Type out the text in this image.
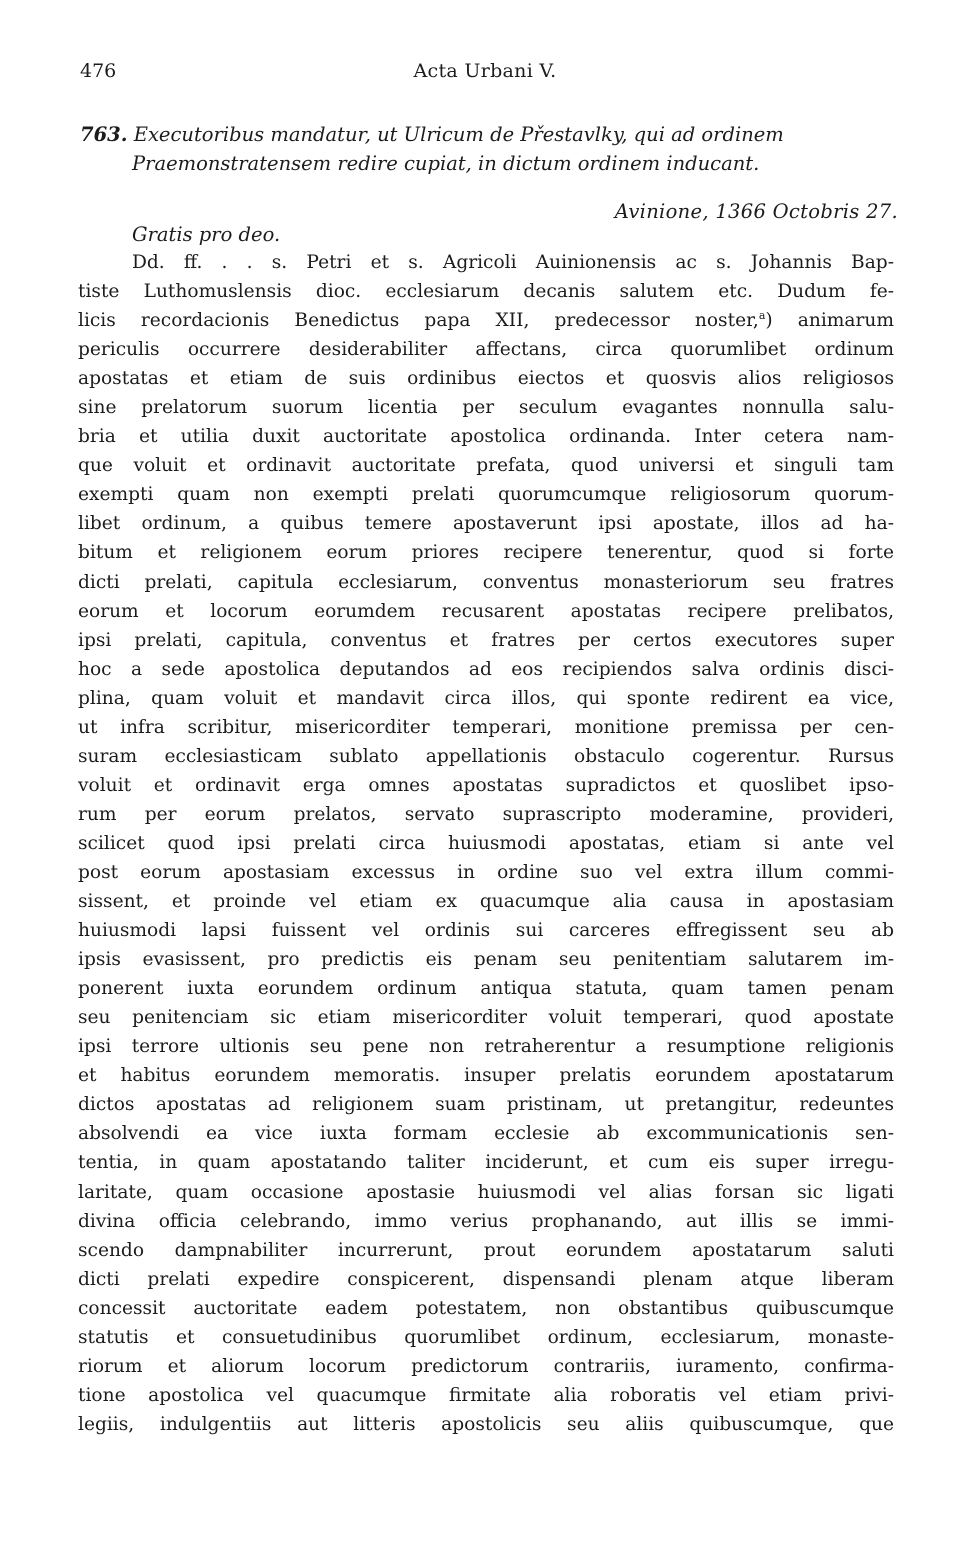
476	Acta Urbani V.
763. Executoribus mandatur, ut Ulricum de Přestavlky, qui ad ordinem
Praemonstratensem redire cupiat, in dictum ordinem inducant.
Avinione, 1366 Octobris 27.
Gratis pro deo.
Dd. ff. . . s. Petri et s. Agricoli Auinionensis ac s. Johannis Bap-
tiste Luthomuslensis dioc. ecclesiarum decanis salutem etc. Dudum fe-
licis recordacionis Benedictus papa XII, predecessor noster,$^a$) animarum
periculis occurrere desiderabiliter affectans, circa quorumlibet ordinum
apostatas et etiam de suis ordinibus eiectos et quosvis alios religiosos
sine prelatorum suorum licentia per seculum evagantes nonnulla salu-
bria et utilia duxit auctoritate apostolica ordinanda. Inter cetera nam-
que voluit et ordinavit auctoritate prefata, quod universi et singuli tam
exempti quam non exempti prelati quorumcumque religiosorum quorum-
libet ordinum, a quibus temere apostaverunt ipsi apostate, illos ad ha-
bitum et religionem eorum priores recipere tenerentur, quod si forte
dicti prelati, capitula ecclesiarum, conventus monasteriorum seu fratres
eorum et locorum eorumdem recusarent apostatas recipere prelibatos,
ipsi prelati, capitula, conventus et fratres per certos executores super
hoc a sede apostolica deputandos ad eos recipiendos salva ordinis disci-
plina, quam voluit et mandavit circa illos, qui sponte redirent ea vice,
ut infra scribitur, misericorditer temperari, monitione premissa per cen-
suram ecclesiasticam sublato appellationis obstaculo cogerentur. Rursus
voluit et ordinavit erga omnes apostatas supradictos et quoslibet ipso-
rum per eorum prelatos, servato suprascripto moderamine, provideri,
scilicet quod ipsi prelati circa huiusmodi apostatas, etiam si ante vel
post eorum apostasiam excessus in ordine suo vel extra illum commi-
sissent, et proinde vel etiam ex quacumque alia causa in apostasiam
huiusmodi lapsi fuissent vel ordinis sui carceres effregissent seu ab
ipsis evasissent, pro predictis eis penam seu penitentiam salutarem im-
ponerent iuxta eorundem ordinum antiqua statuta, quam tamen penam
seu penitenciam sic etiam misericorditer voluit temperari, quod apostate
ipsi terrore ultionis seu pene non retraherentur a resumptione religionis
et habitus eorundem memoratis. insuper prelatis eorundem apostatarum
dictos apostatas ad religionem suam pristinam, ut pretangitur, redeuntes
absolvendi ea vice iuxta formam ecclesie ab excommunicationis sen-
tentia, in quam apostatando taliter inciderunt, et cum eis super irregu-
laritate, quam occasione apostasie huiusmodi vel alias forsan sic ligati
divina officia celebrando, immo verius prophanando, aut illis se immi-
scendo dampnabiliter incurrerunt, prout eorundem apostatarum saluti
dicti prelati expedire conspicerent, dispensandi plenam atque liberam
concessit auctoritate eadem potestatem, non obstantibus quibuscumque
statutis et consuetudinibus quorumlibet ordinum, ecclesiarum, monaste-
riorum et aliorum locorum predictorum contrariis, iuramento, confirma-
tione apostolica vel quacumque firmitate alia roboratis vel etiam privi-
legiis, indulgentiis aut litteris apostolicis seu aliis quibuscumque, que
